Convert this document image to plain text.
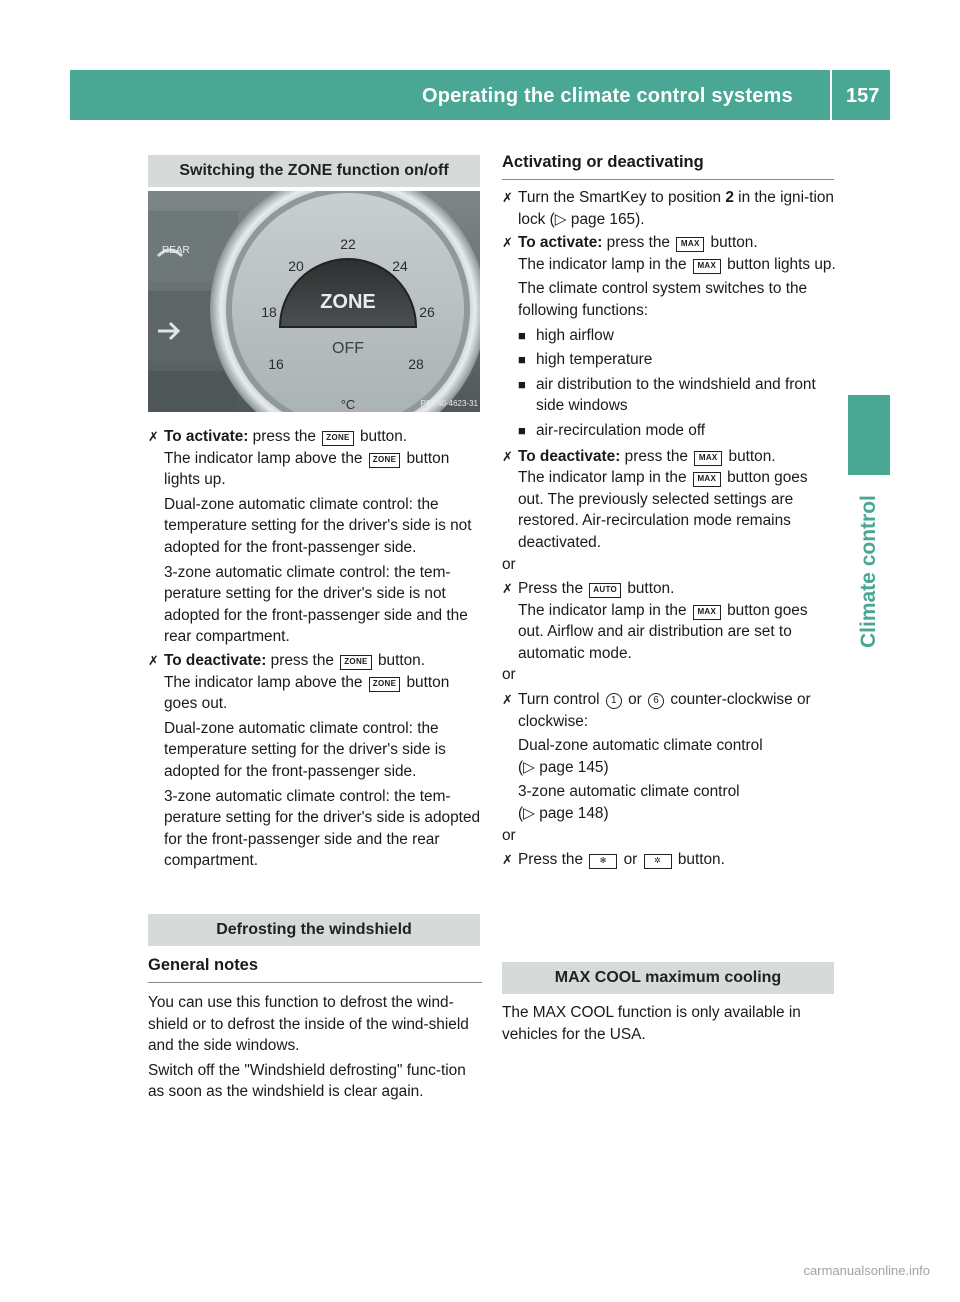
Operating the climate control systems	157
Climate control
Switching the ZONE function on/off
REAR
ZONE
OFF
16
18
20
22
24
26
28
°C	P83.40-4623-31
✗ To activate: press the ZONE button.

The indicator lamp above the ZONE button lights up.

Dual-zone automatic climate control: the temperature setting for the driver's side is not adopted for the front-passenger side.

3-zone automatic climate control: the tem-perature setting for the driver's side is not adopted for the front-passenger side and the rear compartment.

✗ To deactivate: press the ZONE button.

The indicator lamp above the ZONE button goes out.

Dual-zone automatic climate control: the temperature setting for the driver's side is adopted for the front-passenger side.

3-zone automatic climate control: the tem-perature setting for the driver's side is adopted for the front-passenger side and the rear compartment.

Defrosting the windshield
General notes

You can use this function to defrost the wind-shield or to defrost the inside of the wind-shield and the side windows.

Switch off the "Windshield defrosting" func-tion as soon as the windshield is clear again.

Activating or deactivating
✗ Turn the SmartKey to position 2 in the igni-tion lock (▷ page 165).

✗ To activate: press the MAX button.

The indicator lamp in the MAX button lights up.

The climate control system switches to the following functions:

■ high airflow
■ high temperature
■ air distribution to the windshield and front side windows
■ air-recirculation mode off
✗ To deactivate: press the MAX button.

The indicator lamp in the MAX button goes out. The previously selected settings are restored. Air-recirculation mode remains deactivated.

or

✗ Press the AUTO button.

The indicator lamp in the MAX button goes out. Airflow and air distribution are set to automatic mode.

or

✗ Turn control 1 or 6 counter-clockwise or clockwise:

Dual-zone automatic climate control

(▷ page 145)

3-zone automatic climate control

(▷ page 148)

or

✗ Press the ✻ or ✲ button.

MAX COOL maximum cooling

The MAX COOL function is only available in vehicles for the USA.

carmanualsonline.info
